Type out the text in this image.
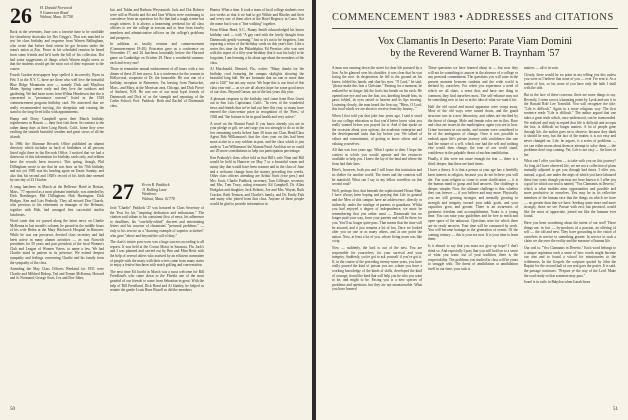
26 H. Donald Norwood
9 Gamerson Road
Walnut, Mass. 01758

Back in the seventies, June was a favorite time to be available for strawberry shortcake for Des Griggs's. That was matched to test for class birthday and response from Warren Ballingham, who wrote that before final retreat he got lectures under the team's union at Zoo. Peace in his scheduled reunion he heard from some friends and he'd trade the hill of his collection. Dot had some suggestions of things which Warren might stress so that the students would get the most out of their exposure to the course.

Fourth Gordon newspapers kept spelled it incorrectly. Ryan in Feb. 5 in the N.Y. C. there are those who well love the beautiful Blue Ridge Mountains now — namely Dick and Mayflora Maier. Spring comes early and they love the outdoors and gardening. We had more notes from Wilma Henderson that she is concerned to "pronounce concern" listed in the 1929 commencement program birthday card. We answered that we really recommended moving, the sheepskin and rotating the stand to the long-lived folks with appointments.

Hump and Dorry Campbell spent their March birthday togetherness in Hawaii — their first visit there. In contrast to the rather damp days at their Long Beach, Calif., home they were exulting the smooth beautiful weather and great views of all the islands.

In 1960, the Alumnae Records Office published an alumni directory which includes us back of birthdates of all persons listed right there in the Records Office. I noticed that we had a dozen out of this information for birthday cards only, and seldom have the records been incorrect. This spring, though, Phil Dillingham wrote to me that he was born on his 70th birthday and not yet 1985 was his heading again on Easter Sunday, and also that his second and 1920's record of his birth date seemed by one day of 23 October.

A snug luncheon in March at the Bellevue Hotel in Boston, Mass., '77 reported as a most pleasant interlude, was attended by Dick Bomberger, Phil Dillingham, Hub Harrington, Dick Hodges, Ken and Lois Peabody. They all missed Don Church, who previous to his retirement as manager of the Belmont, together with Hub, had arranged first successful similar luncheons.

Word came that we passed along the latest news on Charlie McKenna in last month's column, he passed in the middle hours of his wife Helen at the Mary Hitchcock Hospital in Hanover. While he was our precursor, devoted class secretary and had been active in many alumni activities — as was Norwich presidents for 50 years and past president of the local Women's Club and League of Women Voters, to name a few. We had Charlie mind in pattern in its presence. We extend deepest sympathy and feelings concerning Charlie and his family from the sympathy of the class.

Attending the May Class Officers Weekend for 1951 were Charlie and Mildred Bishop, Ted and Tennie McKenna, Howard and Jo Normand, George Scott, Les and Doe Taber,

but, and Tubba and Barbara Weysmouth. Jack and Dot Roberts were still in Florida and Art and Jane Wilson were continuing to convalesce from an operation for Art that had a tough winter but rough winters. It is always a heartening weekend for all class officers to see the college in session and to hear from faculty members and administrative officers on the college's problems and prospects.

In addition, as faculty reunion and commencement (Commencement 18-20), Princeton gave us a conference on November 17, and 26 luncheon honorably before the Harvard game on Cambridge on October 29. Have a wonderful summer, each and every one!

Those in remember annual endorsement of all hours with a two dinner of these 25 feet across. It is a conference for the women in Hollywood, cooperate of Dr. the honorable. He was one of a birthday reception in Parmenter, I'm leaving from Nantucket, Mass., and Mary, at the Morrison area, Chicago, and Dick Pierce of Amherst, N.H. He was one of our most loyal friends of Dartmouth and Dick of us the strength and reporting of the Carlin School, Prof. Paddock. Both and Rachel of Dartmouth class.

27 Ervin R. Paddock
11 Rolling Lane
Westboro
Walnut, Mass. 01778

Josh "Charlie" Paddock '27 was honored in Class Secretary of the Year for his "inspiring dedication and enthusiasm." The citation said tribute to his consistent flow of news, his adherence to deadlines, his "carefully-edited" discreet and entertaining letters and his concern of classmates' "personal problems." — only to his service as a "drawing example of superior activities" who gave "above and beyond the call of duty."

The class's winter pow-wow was a huge success according to all reports. It was held at the Crown Motor in Sarasota, Fla. Jack's and I was planned and carried out by Ben and Mim Beck with the help of several others who assisted by an efficient committee of people with the many with their wives came from many states to enjoy a festive luncheon with much golfing and conversation.

The next time Ed Jacobi in March was a most welcome for Bill Freedland's who came down to the Florida one of the most grateful of our friends to come from Sebastian in great. With the help of Bill Freedland, Dick Bond and Al Stanley, he helped us reunite the gentle Louis Horn Bissell as did the members

Hunter. What a time. It took a team of local college students over two weeks so that it we had to get Wilkie and Rhodes and their and every one of them alive at the Hotel Regency in Cairo. Not the name but it was a "fine walking" together.

From Hilton Head, S.C., Bunny Smith acknowledged his honor birthday card — with "A gay card with the lovely thought from Dartmouth; gently warming." Just so it's not to be forgotten, I am reporting a series of the birthday cards on this year's line. Like a series this time for the Philadelphia. Ed Prentice, who was sent with the report of a fifty-year-birthday (but it was his lady) to be forgotten, I am learning a lot about age about the members of the class.

Al Macdonald, Olmsted, Fla., writes: "Many thanks for the birthday card featuring the campus skylights showing the beautiful long hall. We are fortunate that no one or more than one is 102!" but not any worse. We hope this is our final of this class year end — as we are all always hope for some good news of our class. Beyond Caesar, not of the last years this year.

A pleasant response to the birthday card came from Ross Guest out in San Luis Capistrano, Calif.: "In view of the wonderful news and friends that we've had out here this year, so many have entered the class-senior prize in recognition of the 'Fires,' of 1928 and "the fortune to be in good health and very active."

A word on the Alumni Fund: If you know already you are in your pledge or gift, we can't urge you too strongly to do so in the few remaining weeks before June 30 from our Class Head/Class Agent Bob Williamson's that the class year on this had been more active in a way seldom in past, and the class which is just aside to 'Lou Williamson' the Alumni Fund. And that we so could use 29 more contributions to help our participation percentage.

Ken Peabody's class office told us that Bill's wife Nina and Bill would be held in Hanover on May 7 to a beautiful warm and sunny day that would have been warmer and in the class of June and a welcome change from the stormy preceding few weeks. Other class officers attending are Arthur Scott (vice pres.) and Mrs. Scott; Charlie Paddock, secretary; Tom Gillespie, secretary and Mrs. Tom Tracy, acting treasurer; Ed Campbell, Dr. Allan Hodgdon and daughter; Jack Roberts, Joe and Mrs. Wayne, Ruth Cracker, Ruth Tenison, and Charlie's family, and Dr. Emily Fish and many who joined from that class. Anyone of these people would be glad to provide information in

50
COMMENCEMENT 1983 • ADDRESSES and CITATIONS
Vox Clamantis In Deserto: Parate Viam Domini
by the Reverend Warner B. Traynham '57

A man was running down the street for dear life pursued by a lion. As he glanced over his shoulder, it was clear that he was losing the race. In desperation, he fell to the ground on his knees, folded his hands, and shut his eyes. "O Lord," he said, "please make this lion a Christian." Pausing for a moment, he realized he no longer felt the lion's hot breath on his neck. He opened one eye and saw the lion, too, kneeling beside him, its paws folded, its eyes raised to heaven and its lips moving. Listening closely, the man heard the lion say, "Bless, O Lord, this food which we are about to receive from thy bounty..."

When I first told you that joke four years ago, I said it stood for our college education so that you'd better know what you really wanted before you prayed for it. And if that spoke on the occasion about your options, the academic enterprise and the developmental tasks that lay before you. We talked of values and commitment, of getting to know others and of valuing yourselves.

All that was four years ago. What I spoke to then, I hope the context in which you would operate and the resources available to help you. I knew the lay of the land and where the lions had their lairs.

Here's, however, both you and I will leave this institution and its shelter for another world. The times and the contexts will be manifold. What can I say to my fellow travellers on this second road?

Well, perhaps first, that beneath the sophisticated House Man, I have always been hoping and praying that Life in general and the Men of this campus have an adolescence, directly or indirectly, under the tutelage of parents or guardians. Whilst you had enjoyed a degree of independence, we must be remembering that you rather must — Dartmouth has no longer paid your way, from your parents and will be there for you. You'll no longer quite pass. That means that the time will be assured, and it just remains a lot of fun. Once we looked after you on one or as many others, and at one point the nation. Now, at least a lot of you, whose living room was like a trip.

Now — suddenly, the lord is out of the nest. You are responsible for yourselves, for your survival and your integrity. Suddenly, you're got to ask yourself if you've got it. If, in the course of the preceding twenty-some years, you have really poured the kind of person you are, whom you have a working knowledge of the kinds of skills, developed the kind of courage, found the kind that will help you be who you want to be, and might to be. Facing you is a new species of problems and questions, but they are not unanswerable. What you have learned

These questions we have learned about in — but now they will not be something to answer in the absence of a college or any personal commitment. The questions you will raise in the present moment between students and the wide world is defined by ourselves. For when you experience a need of which we all share, a sense that, and have one thing in common, they find ourselves most. The self-reliance may not be something new in fact or at the idea of what we want it for.

Half the old social and moral apparatus were swept away. Most of the old ways were turned down, and the grand structure was in a new laboratory, and others are terrified by the threat of change. Mole and female roles are in flux. Race and class are issues in the marketplace, again you see in how. Crime increases in our midst, and women were considered to be of the ambiguous of change. Once it was possible to embark upon life's private journey with confidence that one had the nature of a self, which one had the self and nothing else would then change, the tone of our world stand, confidence in the palpable threat of nuclear annihilation.

Finally, if this were not cause enough for fear — there is a third, deeper, that these are hard times.

I have a theory. It is that a person at your age has a fearfully keen interest in religion, because you do not believe you will die. You want religion to come to some clarification — it is the human mind to grasp and find answers. Our challenge is deeper, simpler. Now, the ultimate challenge is this: whether they can forever — if you believe and may more. Physically you are still growing stronger, and mentally growing in strength and integrity toward your adult goals, and your capacities grow and greater. There is an awareness of greatness freedom and accomplishment. Yours is a young time. You can raise your guidelines and be free to reach and open space of the unknown. Questions arise for which there are no ready answers. Your time will be consumed by work. You will become homage to the generation of events. Of the coming century — this is your era now. It is your time to learn them.

Is it absurd to say that you must not give up hope? I don't think so. And especially I pray that you will hold on to a sense of what you want: out of your tradition, there is the respectability. The problems you studied in class will be yours to struggle with. The threat of annihilation or annihilation itself in our time, your task is

matters — all is in vain.

Clearly, there would be no point in my telling you this unless you were as I believe that none of you — ever I've sent it. As a matter of fact, so far, none of you have only the faith I shall with the title.

But in the face of these concerns, there are some things to say. Recently, I came across a haunting poem by Lyrik and saw it in the Ronald Rolf Lee Transfild. You will recognize the title: "Life is difficult." Again in a more religious way. The first sentence reads "Life is difficult." The author argued that one takes a great truth which, once understood, can be transcended. We realized and truly accepted that life is difficult and accepts the fact, is difficult no longer matters. A lot of people gone through life, the author goes on to observe, because they think it should be easy, but the fact of the matter, it is not easy and never changed on. Life, he argues, is a series of problems — we can either moan about them or attempt to solve them — the problems don't stop coming. Yet, Life is not easy — the lines of her.

What can I offer you then — to take with you on this journey? As long as I have observed life, we are not a collection of plans mutually adjusted to get you through bad times. I offer you, instead, a goal, one under the aegis of which you have laboured these four years though you may not have known it. I offer you a goal for which our seal is named, "Vox Clamantis in Deserto," which is what enables aims opportunities and possible and more productive in ourselves. You may be in its reflective members of the human race that the things on which we have — no greater than that we have. Seeking some more and more strongly, those we see. Pursue with zest, but persisted, would like the most of appreciate, joined me like the humans ever found.

Have you been wondering about the intent of our seal? These things are, in fact — by-products of a passion, an offering of self — the old and new. They have grounding in the vision of ourselves in service to something greater. In service to such a claim we discover the reality and the measure of human life.

Our seal is: "Vox Clamantis in Deserto." Each word belongs to a unique aspiration each a sense of how words might become our aim and to found a school for missionaries to the wilderness. In the Gospels the scripture quoted by John the Baptist for the second half of our seal goes the poster. It is said, the passage continues: "Prepare ye the way of the Lord. Make the road ready so that someone may pass."

Israel is in exile in Babylon when Isaiah hears

51
